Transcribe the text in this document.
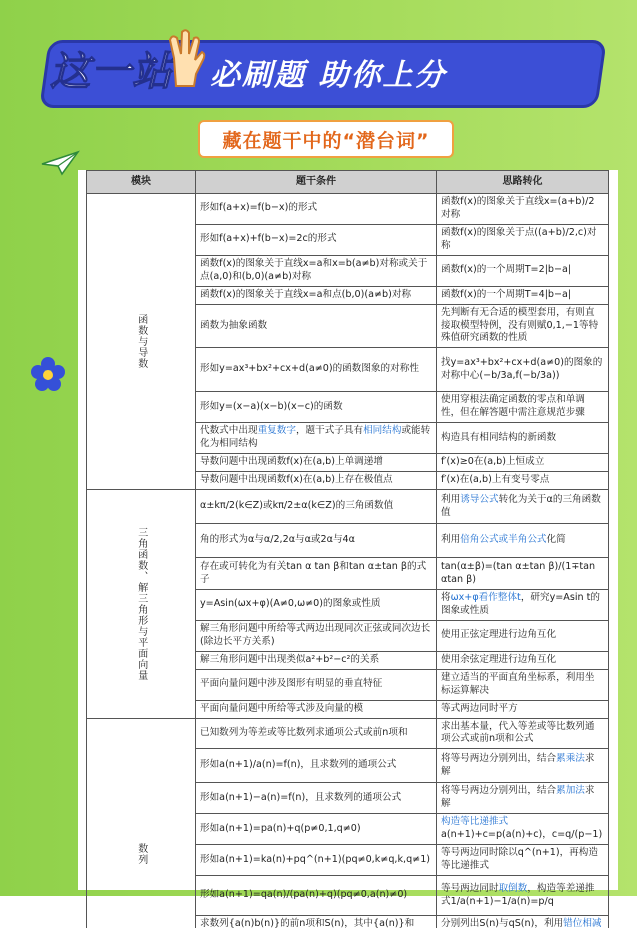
这一站 必刷题 助你上分
藏在题干中的“潜台词”
模块	题干条件	思路转化
函数与导数	形如f(a+x)=f(b−x)的形式	函数f(x)的图象关于直线x=(a+b)/2对称
	形如f(a+x)+f(b−x)=2c的形式	函数f(x)的图象关于点((a+b)/2,c)对称
	函数f(x)的图象关于直线x=a和x=b(a≠b)对称或关于点(a,0)和(b,0)(a≠b)对称	函数f(x)的一个周期T=2|b−a|
	函数f(x)的图象关于直线x=a和点(b,0)(a≠b)对称	函数f(x)的一个周期T=4|b−a|
	函数为抽象函数	先判断有无合适的模型套用，有则直接取模型特例，没有则赋0,1,−1等特殊值研究函数的性质
	形如y=ax³+bx²+cx+d(a≠0)的函数图象的对称性	找y=ax³+bx²+cx+d(a≠0)的图象的对称中心(−b/3a,f(−b/3a))
	形如y=(x−a)(x−b)(x−c)的函数	使用穿根法确定函数的零点和单调性，但在解答题中需注意规范步骤
	代数式中出现重复数字，题干式子具有相同结构或能转化为相同结构	构造具有相同结构的新函数
	导数问题中出现函数f(x)在(a,b)上单调递增	f′(x)≥0在(a,b)上恒成立
	导数问题中出现函数f(x)在(a,b)上存在极值点	f′(x)在(a,b)上有变号零点
三角函数、解三角形与平面向量	α±kπ/2(k∈Z)或kπ/2±α(k∈Z)的三角函数值	利用诱导公式转化为关于α的三角函数值
	角的形式为α与α/2,2α与α或2α与4α	利用倍角公式或半角公式化简
	存在或可转化为有关tan α tan β和tan α±tan β的式子	tan(α±β)=(tan α±tan β)/(1∓tan αtan β)
	y=Asin(ωx+φ)(A≠0,ω≠0)的图象或性质	将ωx+φ看作整体t，研究y=Asin t的图象或性质
	解三角形问题中所给等式两边出现同次正弦或同次边长(除边长平方关系)	使用正弦定理进行边角互化
	解三角形问题中出现类似a²+b²−c²的关系	使用余弦定理进行边角互化
	平面向量问题中涉及图形有明显的垂直特征	建立适当的平面直角坐标系，利用坐标运算解决
	平面向量问题中所给等式涉及向量的模	等式两边同时平方
数列	已知数列为等差或等比数列求通项公式或前n项和	求出基本量，代入等差或等比数列通项公式或前n项和公式
	形如a(n+1)/a(n)=f(n)，且求数列的通项公式	将等号两边分别列出，结合累乘法求解
	形如a(n+1)−a(n)=f(n)，且求数列的通项公式	将等号两边分别列出，结合累加法求解
	形如a(n+1)=pa(n)+q(p≠0,1,q≠0)	构造等比递推式 a(n+1)+c=p(a(n)+c)，c=q/(p−1)
	形如a(n+1)=ka(n)+pq^(n+1)(pq≠0,k≠q,k,q≠1)	等号两边同时除以q^(n+1)，再构造等比递推式
	形如a(n+1)=qa(n)/(pa(n)+q)(pq≠0,a(n)≠0)	等号两边同时取倒数，构造等差递推式1/a(n+1)−1/a(n)=p/q
	求数列{a(n)b(n)}的前n项和S(n)，其中{a(n)}和	分别列出S(n)与qS(n)，利用错位相减
